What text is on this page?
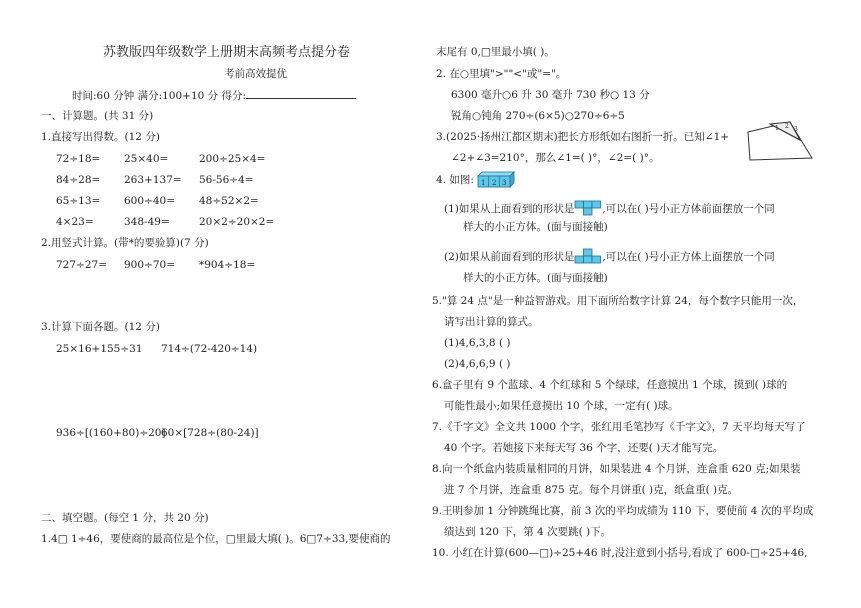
苏教版四年级数学上册期末高频考点提分卷
考前高效提优
时间:60 分钟 满分:100+10 分 得分:
一、计算题。(共 31 分)
1.直接写出得数。(12 分)
72÷18= 25×40=	200÷25×4=
84÷28= 263+137= 56-56÷4=
65÷13= 600÷40= 48÷52×2=
4×23=	348-49=	20×2÷20×2=
2.用竖式计算。(带*的要验算)(7 分)
727÷27= 900÷70= *904÷18=
3.计算下面各题。(12 分)
25×16+155÷31 714÷(72-420÷14)
936÷[(160+80)÷20]
60×[728÷(80-24)]
二、填空题。(每空 1 分，共 20 分)
1.4□ 1÷46，要使商的最高位是个位，□里最大填( )。6□7÷33,要使商的
末尾有 0,□里最小填( )。
2. 在○里填">""<"或"="。
6300 毫升○6 升 30 毫升 730 秒○ 13 分
锐角○钝角 270÷(6×5)○270÷6÷5
3.(2025·扬州江都区期末)把长方形纸如右图折一折。已知∠1+
∠2+∠3=210°，那么∠1=( )°，∠2=( )°。
1 2 3
4. 如图: 1 2 3
(1)如果从上面看到的形状是	,可以在( )号小正方体前面摆放一个同
样大的小正方体。(面与面接触)
(2)如果从前面看到的形状是	,可以在( )号小正方体上面摆放一个同
样大的小正方体。(面与面接触)
5."算 24 点"是一种益智游戏。用下面所给数字计算 24，每个数字只能用一次，
请写出计算的算式。
(1)4,6,3,8 ( )
(2)4,6,6,9 ( )
6.盒子里有 9 个蓝球、4 个红球和 5 个绿球，任意摸出 1 个球，摸到( )球的
可能性最小;如果任意摸出 10 个球，一定有( )球。
7.《千字文》全文共 1000 个字，张红用毛笔抄写《千字文》，7 天平均每天写了
40 个字。若她接下来每天写 36 个字，还要( )天才能写完。
8.向一个纸盒内装质量相同的月饼，如果装进 4 个月饼，连盒重 620 克;如果装
进 7 个月饼，连盒重 875 克。每个月饼重( )克，纸盒重( )克。
9.王明参加 1 分钟跳绳比赛，前 3 次的平均成绩为 110 下，要使前 4 次的平均成
绩达到 120 下，第 4 次要跳( )下。
10. 小红在计算(600—□)÷25+46 时,没注意到小括号,看成了 600-□÷25+46,
